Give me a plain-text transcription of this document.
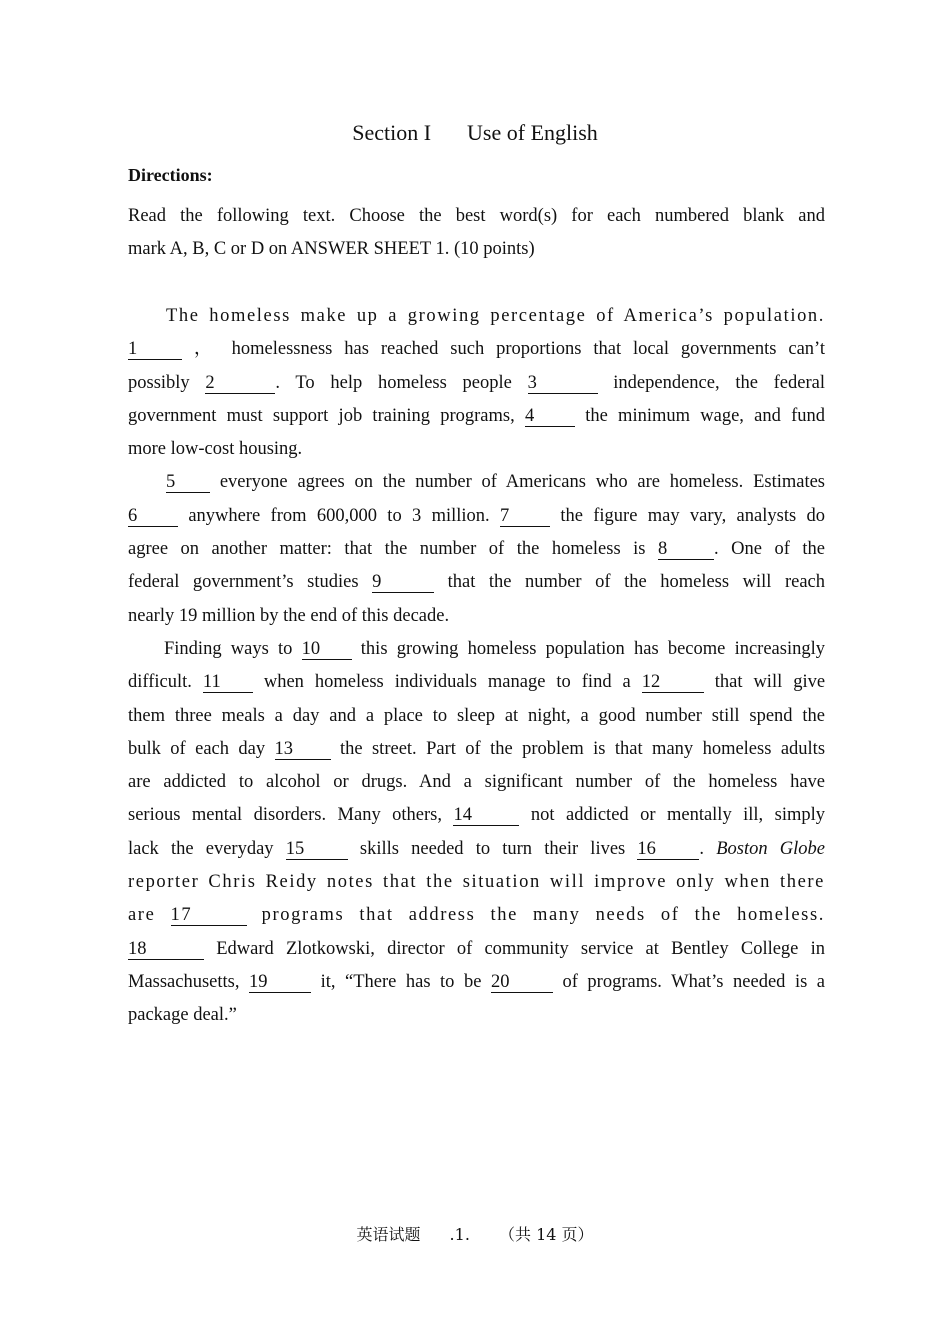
Section I Use of English
Directions:
Read the following text. Choose the best word(s) for each numbered blank and
mark A, B, C or D on ANSWER SHEET 1. (10 points)
The homeless make up a growing percentage of America’s population.
1	， homelessness has reached such proportions that local governments can’t
possibly 2	. To help homeless people 3	independence, the federal
government must support job training programs, 4	the minimum wage, and fund
more low-cost housing.
5 everyone agrees on the number of Americans who are homeless. Estimates
6	anywhere from 600,000 to 3 million. 7	the figure may vary, analysts do
agree on another matter: that the number of the homeless is 8	. One of the
federal government’s studies 9	that the number of the homeless will reach
nearly 19 million by the end of this decade.
Finding ways to 10 this growing homeless population has become increasingly
difficult. 11 when homeless individuals manage to find a 12	that will give
them three meals a day and a place to sleep at night, a good number still spend the
bulk of each day 13	the street. Part of the problem is that many homeless adults
are addicted to alcohol or drugs. And a significant number of the homeless have
serious mental disorders. Many others, 14	not addicted or mentally ill, simply
lack the everyday 15	skills needed to turn their lives 16 . Boston Globe
reporter Chris Reidy notes that the situation will improve only when there
are 17	programs that address the many needs of the homeless.
18	Edward Zlotkowski, director of community service at Bentley College in
Massachusetts, 19	it, “There has to be 20	of programs. What’s needed is a
package deal.”
英语试题 .1. （共 14 页）
